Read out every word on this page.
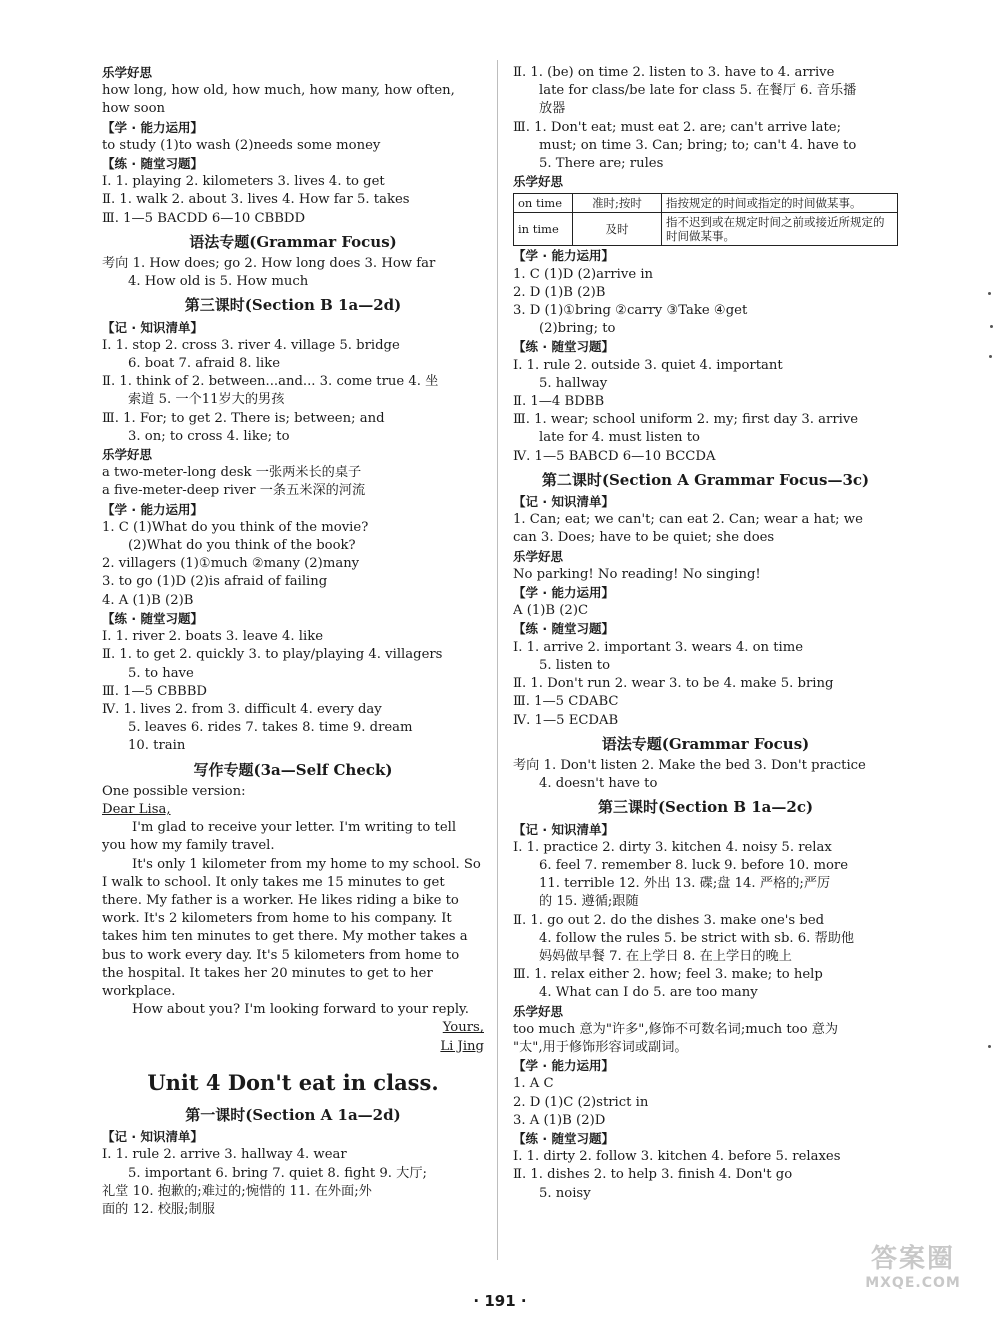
乐学好思
how long, how old, how much, how many, how often,
how soon
【学 · 能力运用】
to study (1)to wash (2)needs some money
【练 · 随堂习题】
Ⅰ. 1. playing 2. kilometers 3. lives 4. to get
Ⅱ. 1. walk 2. about 3. lives 4. How far 5. takes
Ⅲ. 1—5 BACDD 6—10 CBBDD
语法专题(Grammar Focus)
考向 1. How does; go 2. How long does 3. How far
4. How old is 5. How much
第三课时(Section B 1a—2d)
【记 · 知识清单】
Ⅰ. 1. stop 2. cross 3. river 4. village 5. bridge
6. boat 7. afraid 8. like
Ⅱ. 1. think of 2. between...and... 3. come true 4. 坐
索道 5. 一个11岁大的男孩
Ⅲ. 1. For; to get 2. There is; between; and
3. on; to cross 4. like; to
乐学好思
a two-meter-long desk 一张两米长的桌子
a five-meter-deep river 一条五米深的河流
【学 · 能力运用】
1. C (1)What do you think of the movie?
(2)What do you think of the book?
2. villagers (1)①much ②many (2)many
3. to go (1)D (2)is afraid of failing
4. A (1)B (2)B
【练 · 随堂习题】
Ⅰ. 1. river 2. boats 3. leave 4. like
Ⅱ. 1. to get 2. quickly 3. to play/playing 4. villagers
5. to have
Ⅲ. 1—5 CBBBD
Ⅳ. 1. lives 2. from 3. difficult 4. every day
5. leaves 6. rides 7. takes 8. time 9. dream
10. train
写作专题(3a—Self Check)
One possible version:
Dear Lisa,
I'm glad to receive your letter. I'm writing to tell you how my family travel.
It's only 1 kilometer from my home to my school. So I walk to school. It only takes me 15 minutes to get there. My father is a worker. He likes riding a bike to work. It's 2 kilometers from home to his company. It takes him ten minutes to get there. My mother takes a bus to work every day. It's 5 kilometers from home to the hospital. It takes her 20 minutes to get to her workplace.
How about you? I'm looking forward to your reply.
Yours,
Li Jing
Unit 4 Don't eat in class.
第一课时(Section A 1a—2d)
【记 · 知识清单】
Ⅰ. 1. rule 2. arrive 3. hallway 4. wear
5. important 6. bring 7. quiet 8. fight 9. 大厅;
礼堂 10. 抱歉的;难过的;惋惜的 11. 在外面;外
面的 12. 校服;制服
Ⅱ. 1. (be) on time 2. listen to 3. have to 4. arrive
late for class/be late for class 5. 在餐厅 6. 音乐播
放器
Ⅲ. 1. Don't eat; must eat 2. are; can't arrive late;
must; on time 3. Can; bring; to; can't 4. have to
5. There are; rules
乐学好思
on time	准时;按时	指按规定的时间或指定的时间做某事。
in time	及时	指不迟到或在规定时间之前或接近所规定的时间做某事。
【学 · 能力运用】
1. C (1)D (2)arrive in
2. D (1)B (2)B
3. D (1)①bring ②carry ③Take ④get
(2)bring; to
【练 · 随堂习题】
Ⅰ. 1. rule 2. outside 3. quiet 4. important
5. hallway
Ⅱ. 1—4 BDBB
Ⅲ. 1. wear; school uniform 2. my; first day 3. arrive
late for 4. must listen to
Ⅳ. 1—5 BABCD 6—10 BCCDA
第二课时(Section A Grammar Focus—3c)
【记 · 知识清单】
1. Can; eat; we can't; can eat 2. Can; wear a hat; we
can 3. Does; have to be quiet; she does
乐学好思
No parking! No reading! No singing!
【学 · 能力运用】
A (1)B (2)C
【练 · 随堂习题】
Ⅰ. 1. arrive 2. important 3. wears 4. on time
5. listen to
Ⅱ. 1. Don't run 2. wear 3. to be 4. make 5. bring
Ⅲ. 1—5 CDABC
Ⅳ. 1—5 ECDAB
语法专题(Grammar Focus)
考向 1. Don't listen 2. Make the bed 3. Don't practice
4. doesn't have to
第三课时(Section B 1a—2c)
【记 · 知识清单】
Ⅰ. 1. practice 2. dirty 3. kitchen 4. noisy 5. relax
6. feel 7. remember 8. luck 9. before 10. more
11. terrible 12. 外出 13. 碟;盘 14. 严格的;严厉
的 15. 遵循;跟随
Ⅱ. 1. go out 2. do the dishes 3. make one's bed
4. follow the rules 5. be strict with sb. 6. 帮助他
妈妈做早餐 7. 在上学日 8. 在上学日的晚上
Ⅲ. 1. relax either 2. how; feel 3. make; to help
4. What can I do 5. are too many
乐学好思
too much 意为"许多",修饰不可数名词;much too 意为
"太",用于修饰形容词或副词。
【学 · 能力运用】
1. A C
2. D (1)C (2)strict in
3. A (1)B (2)D
【练 · 随堂习题】
Ⅰ. 1. dirty 2. follow 3. kitchen 4. before 5. relaxes
Ⅱ. 1. dishes 2. to help 3. finish 4. Don't go
5. noisy
· 191 ·
答案圈
MXQE.COM
